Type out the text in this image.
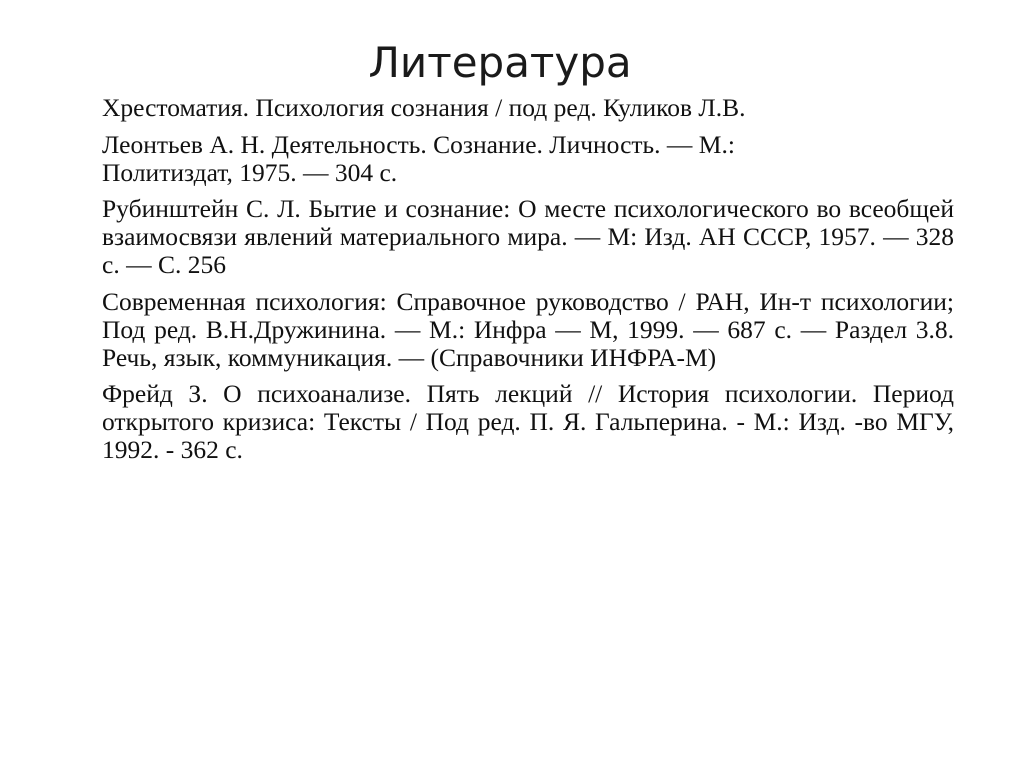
Литература
Хрестоматия. Психология сознания / под ред. Куликов Л.В.
Леонтьев А. Н. Деятельность. Сознание. Личность. — М.: Политиздат, 1975. — 304 с.
Рубинштейн С. Л. Бытие и сознание: О месте психологического во всеобщей взаимосвязи явлений материального мира. — М: Изд. АН СССР, 1957. — 328 с. — С. 256
Современная психология: Справочное руководство / РАН, Ин-т психологии; Под ред. В.Н.Дружинина. — М.: Инфра — М, 1999. — 687 с. — Раздел 3.8. Речь, язык, коммуникация. — (Справочники ИНФРА-М)
Фрейд З. О психоанализе. Пять лекций // История психологии. Период открытого кризиса: Тексты / Под ред. П. Я. Гальперина. - М.: Изд. -во МГУ, 1992. - 362 с.
